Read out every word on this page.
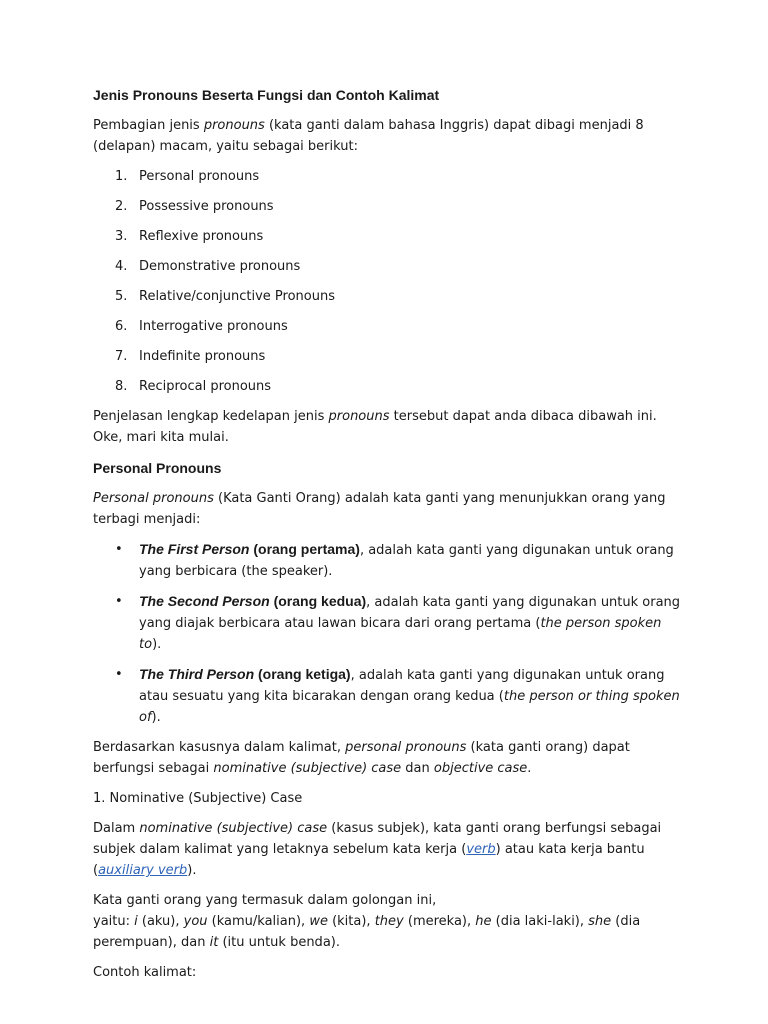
Jenis Pronouns Beserta Fungsi dan Contoh Kalimat

Pembagian jenis pronouns (kata ganti dalam bahasa Inggris) dapat dibagi menjadi 8 (delapan) macam, yaitu sebagai berikut:

1. Personal pronouns
2. Possessive pronouns
3. Reflexive pronouns
4. Demonstrative pronouns
5. Relative/conjunctive Pronouns
6. Interrogative pronouns
7. Indefinite pronouns
8. Reciprocal pronouns

Penjelasan lengkap kedelapan jenis pronouns tersebut dapat anda dibaca dibawah ini. Oke, mari kita mulai.

Personal Pronouns

Personal pronouns (Kata Ganti Orang) adalah kata ganti yang menunjukkan orang yang terbagi menjadi:

• The First Person (orang pertama), adalah kata ganti yang digunakan untuk orang yang berbicara (the speaker).
• The Second Person (orang kedua), adalah kata ganti yang digunakan untuk orang yang diajak berbicara atau lawan bicara dari orang pertama (the person spoken to).
• The Third Person (orang ketiga), adalah kata ganti yang digunakan untuk orang atau sesuatu yang kita bicarakan dengan orang kedua (the person or thing spoken of).

Berdasarkan kasusnya dalam kalimat, personal pronouns (kata ganti orang) dapat berfungsi sebagai nominative (subjective) case dan objective case.

1. Nominative (Subjective) Case

Dalam nominative (subjective) case (kasus subjek), kata ganti orang berfungsi sebagai subjek dalam kalimat yang letaknya sebelum kata kerja (verb) atau kata kerja bantu (auxiliary verb).

Kata ganti orang yang termasuk dalam golongan ini,
yaitu: i (aku), you (kamu/kalian), we (kita), they (mereka), he (dia laki-laki), she (dia perempuan), dan it (itu untuk benda).

Contoh kalimat:
